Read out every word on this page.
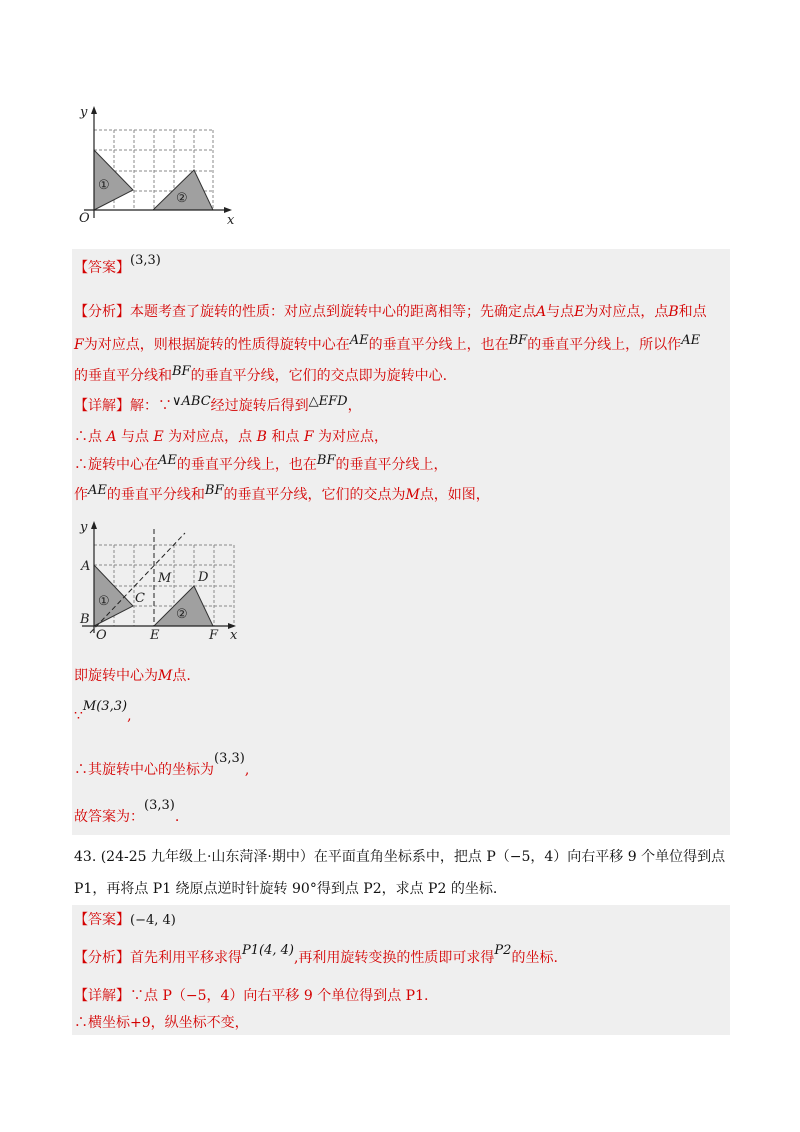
y
x
O
①
②
【答案】(3,3)
【分析】本题考查了旋转的性质：对应点到旋转中心的距离相等；先确定点A与点E为对应点，点B和点
F为对应点，则根据旋转的性质得旋转中心在AE的垂直平分线上，也在BF的垂直平分线上，所以作AE
的垂直平分线和BF的垂直平分线，它们的交点即为旋转中心.
【详解】解：∵∨ABC经过旋转后得到△EFD，
∴点 A 与点 E 为对应点，点 B 和点 F 为对应点，
∴旋转中心在AE的垂直平分线上，也在BF的垂直平分线上，
作AE的垂直平分线和BF的垂直平分线，它们的交点为M点，如图，
y
x
A
B
O
C
M D
E	F
①
②
即旋转中心为M点.
∵M(3,3),
∴其旋转中心的坐标为(3,3),
故答案为：(3,3).
43. (24-25 九年级上·山东菏泽·期中）在平面直角坐标系中，把点 P（−5，4）向右平移 9 个单位得到点
P1，再将点 P1 绕原点逆时针旋转 90°得到点 P2，求点 P2 的坐标.
【答案】(−4, 4)
【分析】首先利用平移求得P1(4, 4),再利用旋转变换的性质即可求得P2的坐标.
【详解】∵点 P（−5，4）向右平移 9 个单位得到点 P1.
∴横坐标+9，纵坐标不变，
